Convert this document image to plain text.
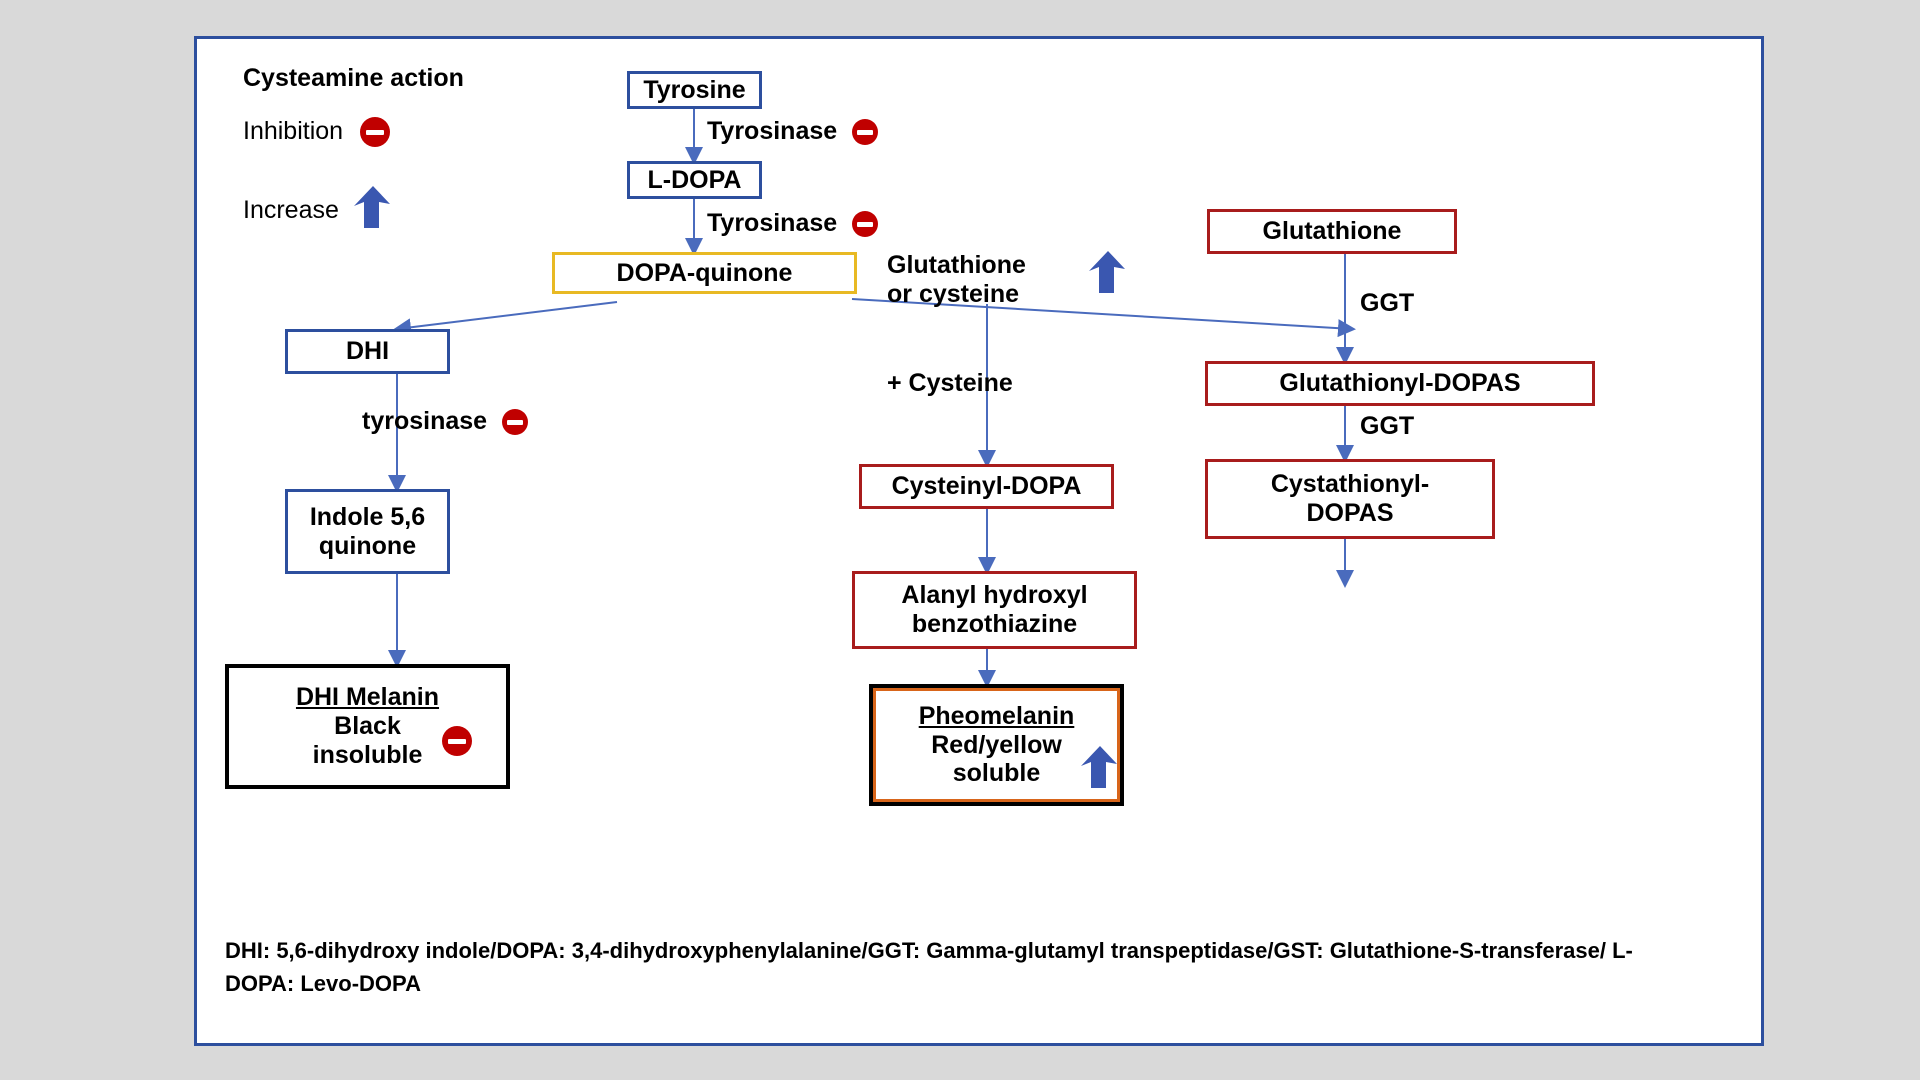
Cysteamine action
Inhibition
Increase
Tyrosine
L-DOPA
DOPA-quinone
DHI
Indole 5,6
quinone
DHI Melanin
Black
insoluble
Cysteinyl-DOPA
Alanyl hydroxyl
benzothiazine
Pheomelanin
Red/yellow
soluble
Glutathione
Glutathionyl-DOPAS
Cystathionyl-
DOPAS
Tyrosinase
Tyrosinase
tyrosinase
Glutathione
or cysteine
+ Cysteine
GGT
GGT
DHI: 5,6-dihydroxy indole/DOPA: 3,4-dihydroxyphenylalanine/GGT: Gamma-glutamyl transpeptidase/GST: Glutathione-S-transferase/ L-DOPA: Levo-DOPA
